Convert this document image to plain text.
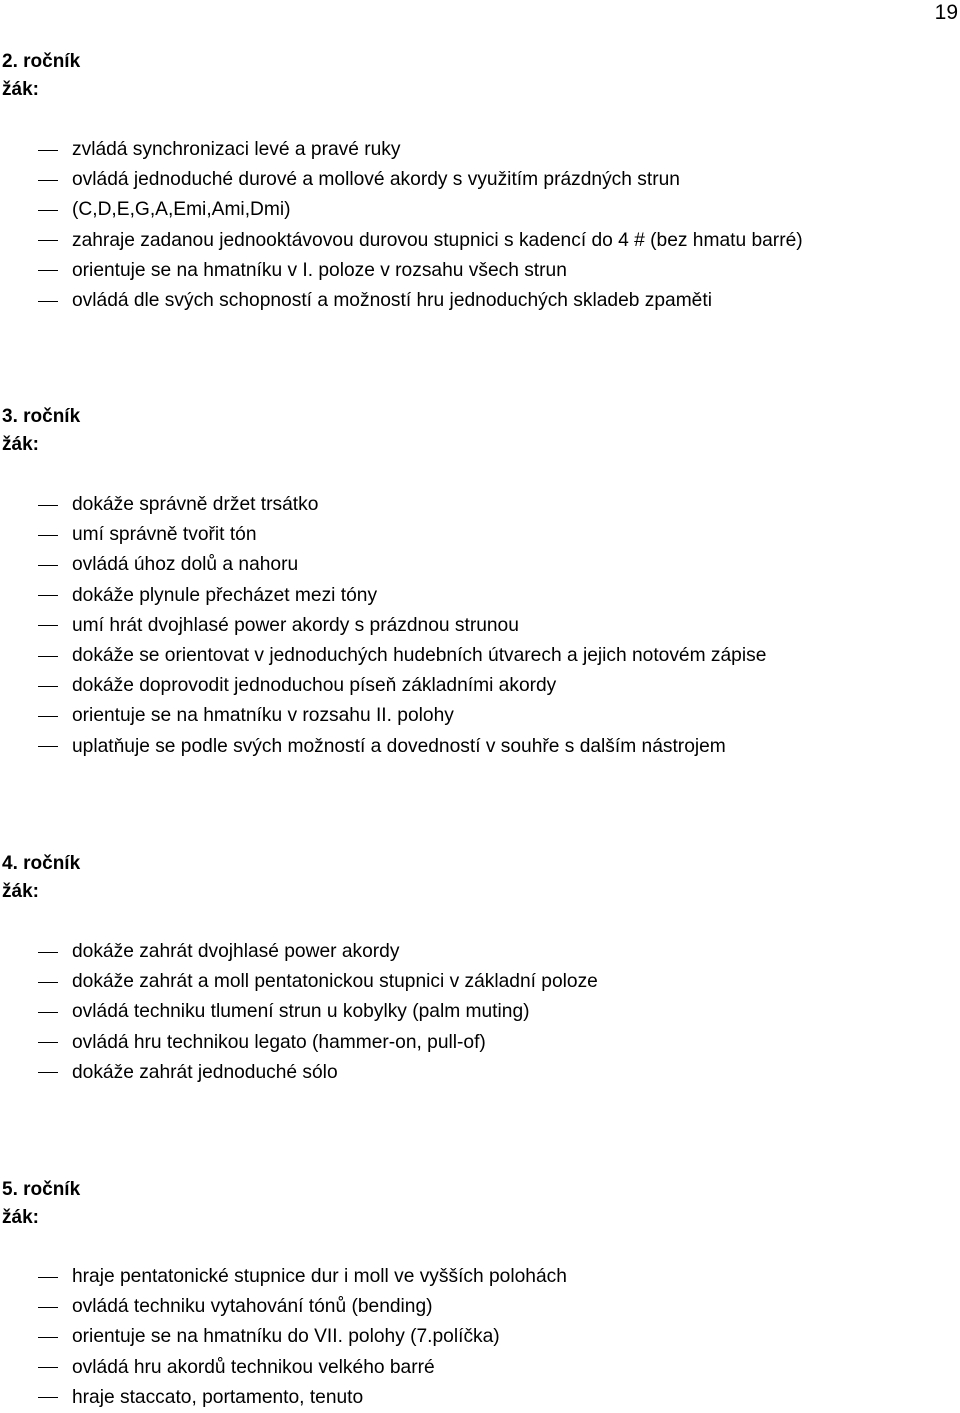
19
2. ročník
žák:
zvládá synchronizaci levé a pravé ruky
ovládá jednoduché durové a mollové akordy s využitím prázdných strun
(C,D,E,G,A,Emi,Ami,Dmi)
zahraje zadanou jednooktávovou durovou stupnici s kadencí do 4 # (bez hmatu barré)
orientuje se na hmatníku v I. poloze v rozsahu všech strun
ovládá dle svých schopností a možností hru jednoduchých skladeb zpaměti
3. ročník
žák:
dokáže správně držet trsátko
umí správně tvořit tón
ovládá úhoz dolů a nahoru
dokáže plynule přecházet mezi tóny
umí hrát dvojhlasé power akordy s prázdnou strunou
dokáže se orientovat v jednoduchých hudebních útvarech a jejich notovém zápise
dokáže doprovodit jednoduchou píseň základními akordy
orientuje se na hmatníku v rozsahu II. polohy
uplatňuje se podle svých možností a dovedností v souhře s dalším nástrojem
4. ročník
žák:
dokáže zahrát dvojhlasé power akordy
dokáže zahrát a moll pentatonickou stupnici v základní poloze
ovládá techniku tlumení strun u kobylky (palm muting)
ovládá hru technikou legato (hammer-on, pull-of)
dokáže zahrát jednoduché sólo
5. ročník
žák:
hraje pentatonické stupnice dur i moll ve vyšších polohách
ovládá techniku vytahování tónů (bending)
orientuje se na hmatníku do VII. polohy (7.políčka)
ovládá hru akordů technikou velkého barré
hraje staccato, portamento, tenuto
